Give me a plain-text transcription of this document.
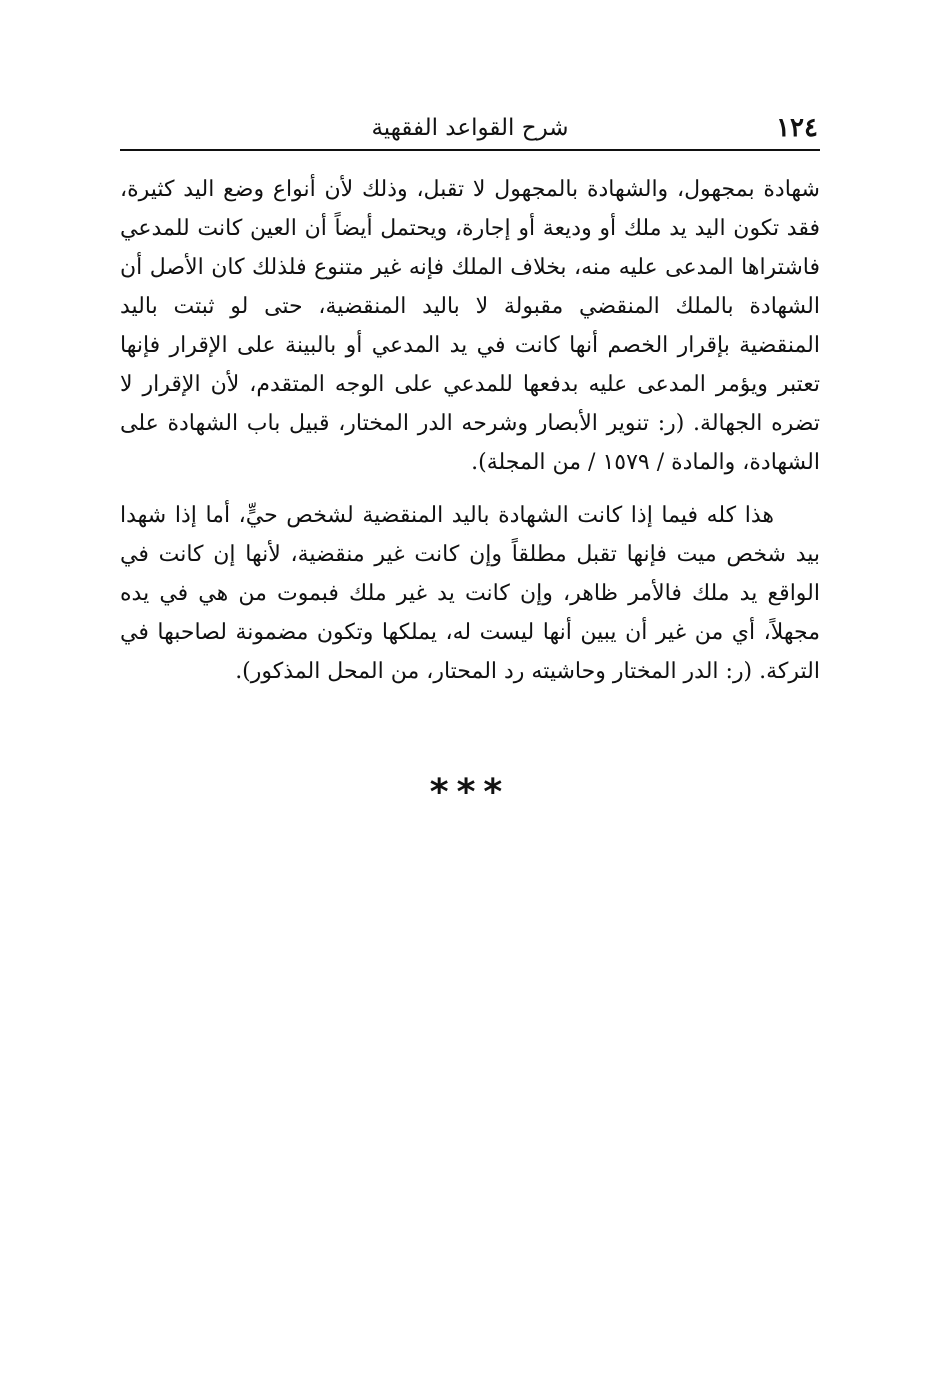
١٢٤
شرح القواعد الفقهية

شهادة بمجهول، والشهادة بالمجهول لا تقبل، وذلك لأن أنواع وضع اليد كثيرة، فقد تكون اليد يد ملك أو وديعة أو إجارة، ويحتمل أيضاً أن العين كانت للمدعي فاشتراها المدعى عليه منه، بخلاف الملك فإنه غير متنوع فلذلك كان الأصل أن الشهادة بالملك المنقضي مقبولة لا باليد المنقضية، حتى لو ثبتت باليد المنقضية بإقرار الخصم أنها كانت في يد المدعي أو بالبينة على الإقرار فإنها تعتبر ويؤمر المدعى عليه بدفعها للمدعي على الوجه المتقدم، لأن الإقرار لا تضره الجهالة. (ر: تنوير الأبصار وشرحه الدر المختار، قبيل باب الشهادة على الشهادة، والمادة / ١٥٧٩ / من المجلة).

هذا كله فيما إذا كانت الشهادة باليد المنقضية لشخص حيٍّ، أما إذا شهدا بيد شخص ميت فإنها تقبل مطلقاً وإن كانت غير منقضية، لأنها إن كانت في الواقع يد ملك فالأمر ظاهر، وإن كانت يد غير ملك فبموت من هي في يده مجهلاً، أي من غير أن يبين أنها ليست له، يملكها وتكون مضمونة لصاحبها في التركة. (ر: الدر المختار وحاشيته رد المحتار، من المحل المذكور).

***
